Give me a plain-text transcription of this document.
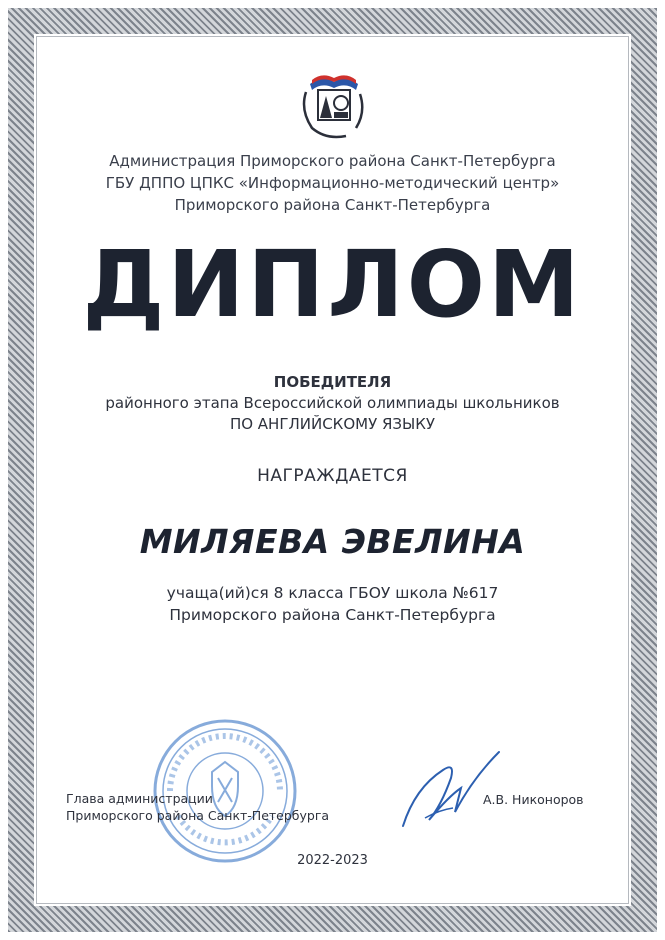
Администрация Приморского района Санкт-Петербурга
ГБУ ДППО ЦПКС «Информационно-методический центр»
Приморского района Санкт-Петербурга
ДИПЛОМ
ПОБЕДИТЕЛЯ
районного этапа Всероссийской олимпиады школьников
ПО АНГЛИЙСКОМУ ЯЗЫКУ
НАГРАЖДАЕТСЯ
МИЛЯЕВА ЭВЕЛИНА
учаща(ий)ся 8 класса ГБОУ школа №617
Приморского района Санкт-Петербурга
Глава администрации
Приморского района Санкт-Петербурга
А.В. Никоноров
2022-2023
